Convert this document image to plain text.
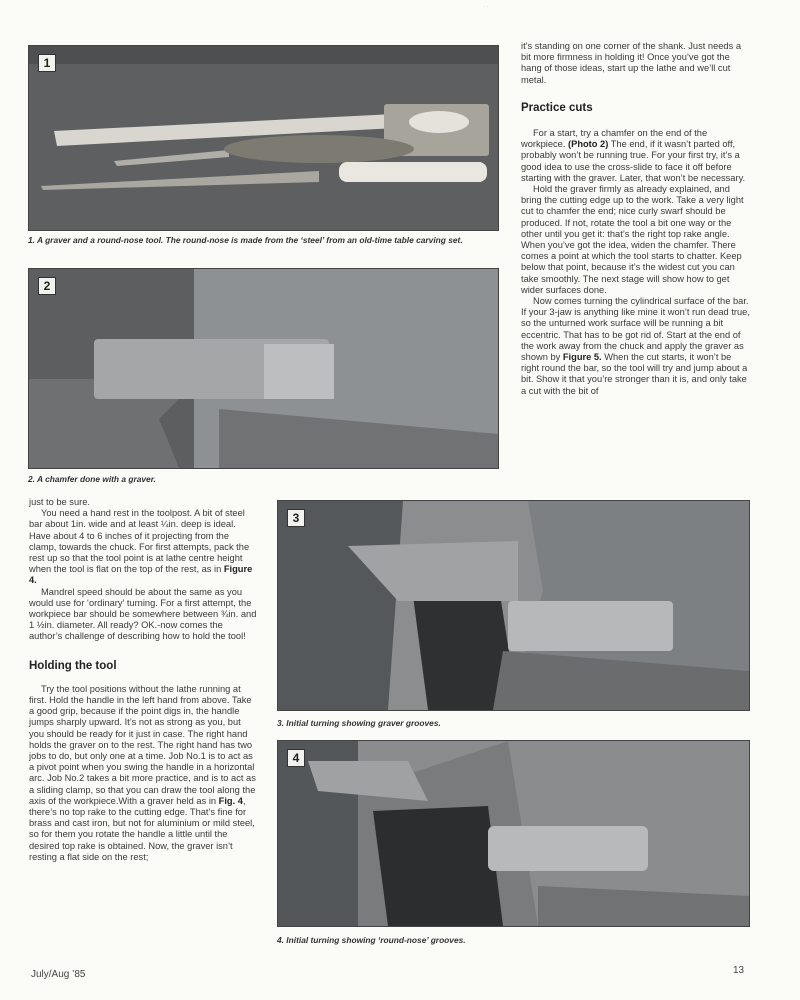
· ·
1
1. A graver and a round-nose tool. The round-nose is made from the ‘steel’ from an old-time table carving set.
2
2. A chamfer done with a graver.
3
3. Initial turning showing graver grooves.
4
4. Initial turning showing ‘round-nose’ grooves.

it’s standing on one corner of the shank. Just needs a bit more firmness in holding it! Once you’ve got the hang of those ideas, start up the lathe and we’ll cut metal.

Practice cuts

For a start, try a chamfer on the end of the workpiece. (Photo 2) The end, if it wasn’t parted off, probably won’t be running true. For your first try, it’s a good idea to use the cross-slide to face it off before starting with the graver. Later, that won’t be necessary.

Hold the graver firmly as already explained, and bring the cutting edge up to the work. Take a very light cut to chamfer the end; nice curly swarf should be produced. If not, rotate the tool a bit one way or the other until you get it: that’s the right top rake angle. When you’ve got the idea, widen the chamfer. There comes a point at which the tool starts to chatter. Keep below that point, because it’s the widest cut you can take smoothly. The next stage will show how to get wider surfaces done.

Now comes turning the cylindrical surface of the bar. If your 3-jaw is anything like mine it won’t run dead true, so the unturned work surface will be running a bit eccentric. That has to be got rid of. Start at the end of the work away from the chuck and apply the graver as shown by Figure 5. When the cut starts, it won’t be right round the bar, so the tool will try and jump about a bit. Show it that you’re stronger than it is, and only take a cut with the bit of

just to be sure.

You need a hand rest in the toolpost. A bit of steel bar about 1in. wide and at least ¼in. deep is ideal. Have about 4 to 6 inches of it projecting from the clamp, towards the chuck. For first attempts, pack the rest up so that the tool point is at lathe centre height when the tool is flat on the top of the rest, as in Figure 4.

Mandrel speed should be about the same as you would use for ‘ordinary’ turning. For a first attempt, the workpiece bar should be somewhere between ¾in. and 1 ½in. diameter. All ready? OK.-now comes the author’s challenge of describing how to hold the tool!

Holding the tool

Try the tool positions without the lathe running at first. Hold the handle in the left hand from above. Take a good grip, because if the point digs in, the handle jumps sharply upward. It’s not as strong as you, but you should be ready for it just in case. The right hand holds the graver on to the rest. The right hand has two jobs to do, but only one at a time. Job No.1 is to act as a pivot point when you swing the handle in a horizontal arc. Job No.2 takes a bit more practice, and is to act as a sliding clamp, so that you can draw the tool along the axis of the workpiece.With a graver held as in Fig. 4, there’s no top rake to the cutting edge. That’s fine for brass and cast iron, but not for aluminium or mild steel, so for them you rotate the handle a little until the desired top rake is obtained. Now, the graver isn’t resting a flat side on the rest;

July/Aug ’85	13
